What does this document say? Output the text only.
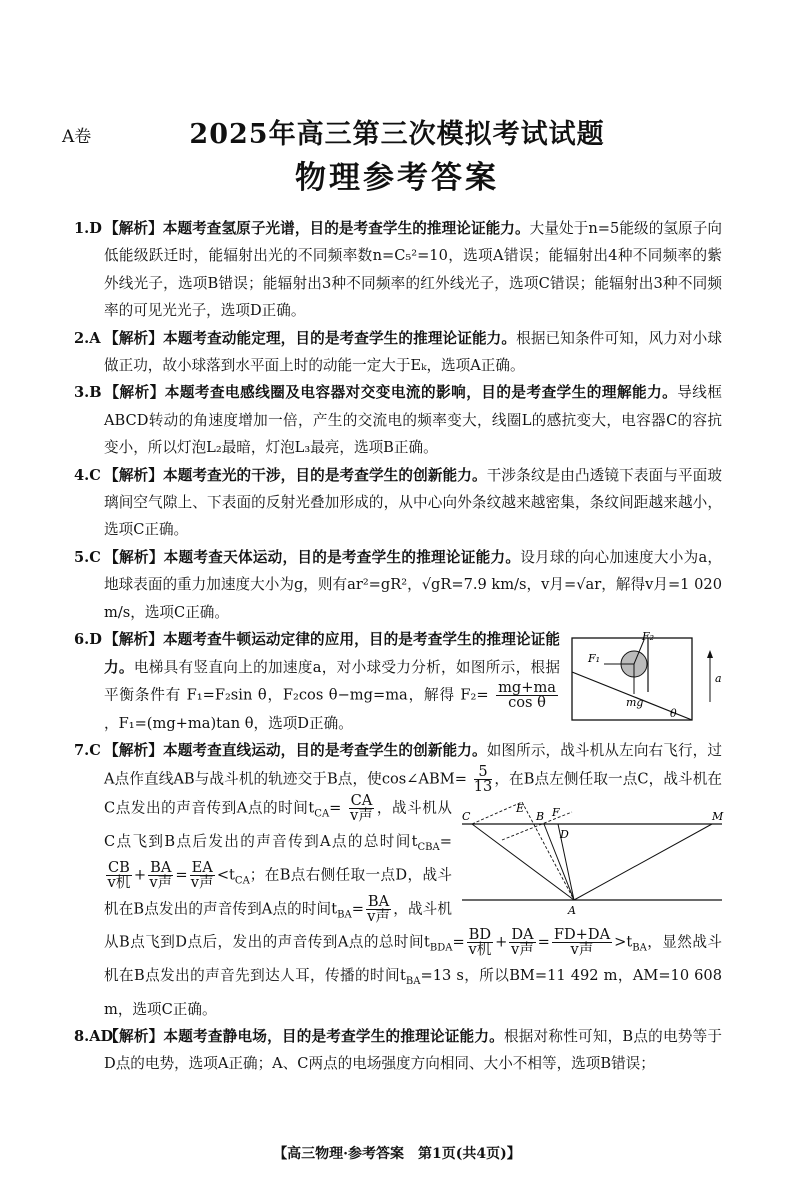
A卷	2025年高三第三次模拟考试试题
物理参考答案

1.D 【解析】本题考查氢原子光谱，目的是考查学生的推理论证能力。大量处于n=5能级的氢原子向低能级跃迁时，能辐射出光的不同频率数n=C₅²=10，选项A错误；能辐射出4种不同频率的紫外线光子，选项B错误；能辐射出3种不同频率的红外线光子，选项C错误；能辐射出3种不同频率的可见光光子，选项D正确。

2.A 【解析】本题考查动能定理，目的是考查学生的推理论证能力。根据已知条件可知，风力对小球做正功，故小球落到水平面上时的动能一定大于Eₖ，选项A正确。

3.B 【解析】本题考查电感线圈及电容器对交变电流的影响，目的是考查学生的理解能力。导线框ABCD转动的角速度增加一倍，产生的交流电的频率变大，线圈L的感抗变大，电容器C的容抗变小，所以灯泡L₂最暗，灯泡L₃最亮，选项B正确。

4.C 【解析】本题考查光的干涉，目的是考查学生的创新能力。干涉条纹是由凸透镜下表面与平面玻璃间空气隙上、下表面的反射光叠加形成的，从中心向外条纹越来越密集，条纹间距越来越小，选项C正确。

5.C 【解析】本题考查天体运动，目的是考查学生的推理论证能力。设月球的向心加速度大小为a，地球表面的重力加速度大小为g，则有ar²=gR²，√gR=7.9 km/s，v月=√ar，解得v月=1 020 m/s，选项C正确。

F₁
F₂
mg
a
θ
6.D 【解析】本题考查牛顿运动定律的应用，目的是考查学生的推理论证能力。电梯具有竖直向上的加速度a，对小球受力分析，如图所示，根据平衡条件有 F₁=F₂sin θ，F₂cos θ−mg=ma，解得 $F_2= \frac{mg+ma}{\text{cos θ}}$
，F₁=(mg+ma)tan θ，选项D正确。
7.C 【解析】本题考查直线运动，目的是考查学生的创新能力。如图所示，战斗机从左向右飞行，过A点作直线AB与战斗机的轨迹交于B点，使cos∠ABM= $\frac{5}{13}$ ，在B点左侧任取一点C，战斗机在C点发出的声音传到A点的时间$t_{CA}=$	C	B	M
E	F
D
A
CA
v声 ，战斗机从C点飞到B点后发出的声音传到A点的总时间$t_{CBA}=$
CB
v机 + BA
v声 = EA
v声 $<t_{CA}$；在B点右侧任取一点D，战斗机在B点发出的声音传到A点的时间$t_{BA}=$ BA
v声 ，战斗机从B点飞到D点后，发出的声音传到A点的总时间$t_{BDA}=$ BD
v机 + DA
v声 = FD+DA
v声	$>t_{BA}$，显然战斗机在B点发出的声音先到达人耳，传播的时间$t_{BA}=13$ s，所以BM=11 492 m，AM=10 608 m，选项C正确。

8.AD【解析】本题考查静电场，目的是考查学生的推理论证能力。根据对称性可知，B点的电势等于D点的电势，选项A正确；A、C两点的电场强度方向相同、大小不相等，选项B错误；

【高三物理·参考答案　第1页(共4页)】
